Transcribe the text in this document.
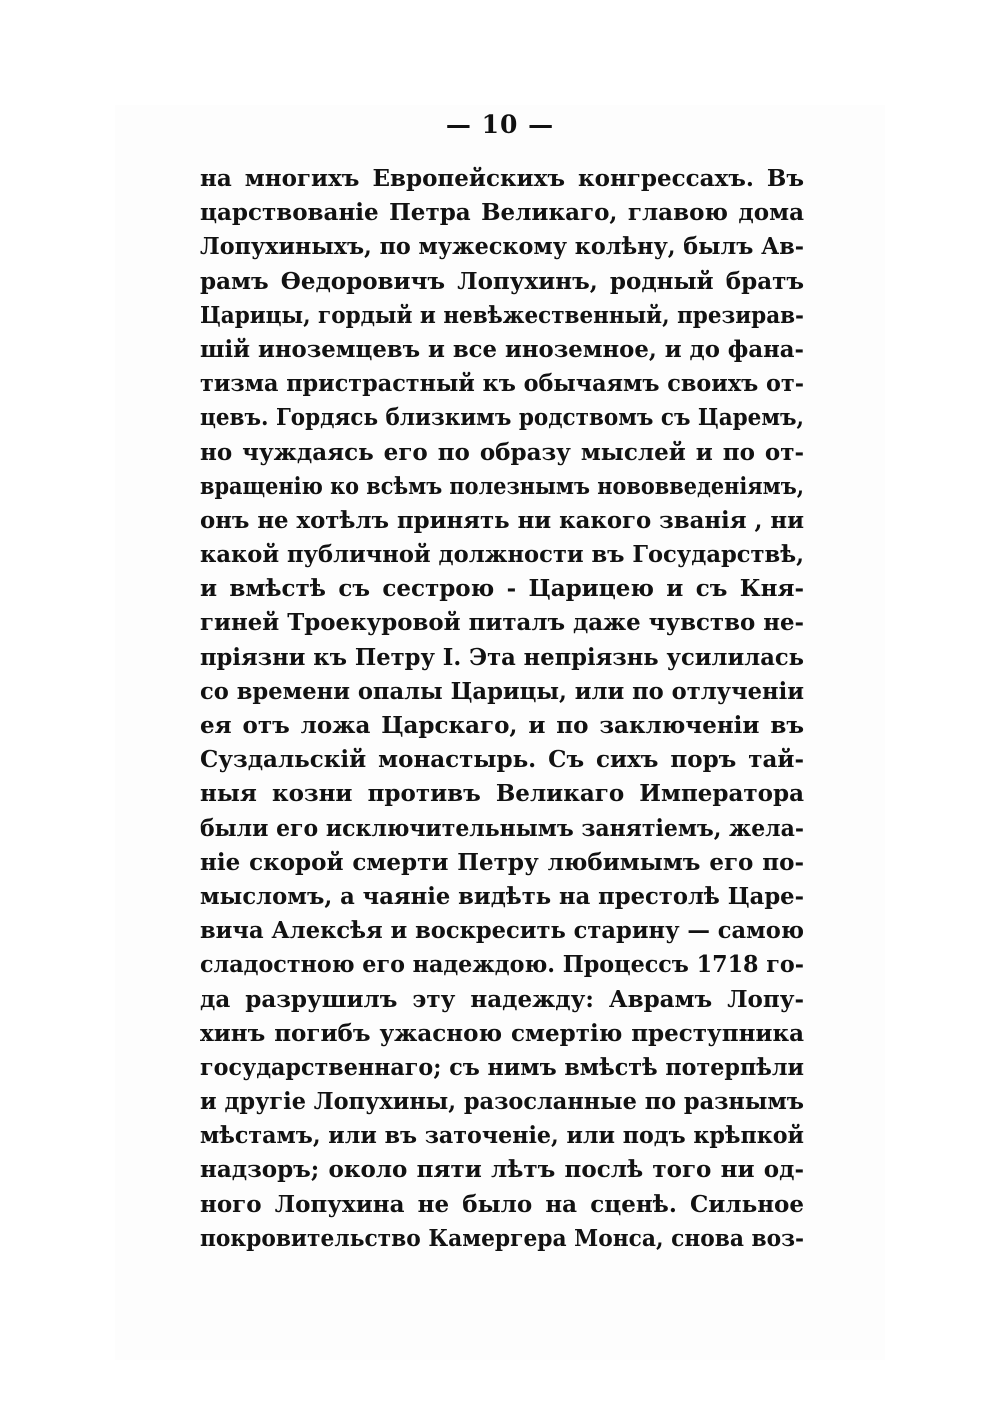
— 10 —
на многихъ Европейскихъ конгрессахъ. Въ
царствованіе Петра Великаго, главою дома
Лопухиныхъ, по мужескому колѣну, былъ Ав-
рамъ Ѳедоровичъ Лопухинъ, родный братъ
Царицы, гордый и невѣжественный, презирав-
шій иноземцевъ и все иноземное, и до фана-
тизма пристрастный къ обычаямъ своихъ от-
цевъ. Гордясь близкимъ родствомъ съ Царемъ,
но чуждаясь его по образу мыслей и по от-
вращенію ко всѣмъ полезнымъ нововведеніямъ,
онъ не хотѣлъ принять ни какого званія , ни
какой публичной должности въ Государствѣ,
и вмѣстѣ съ сестрою - Царицею и съ Кня-
гиней Троекуровой питалъ даже чувство не-
пріязни къ Петру I. Эта непріязнь усилилась
со времени опалы Царицы, или по отлученіи
ея отъ ложа Царскаго, и по заключеніи въ
Суздальскій монастырь. Съ сихъ поръ тай-
ныя козни противъ Великаго Императора
были его исключительнымъ занятіемъ, жела-
ніе скорой смерти Петру любимымъ его по-
мысломъ, а чаяніе видѣть на престолѣ Царе-
вича Алексѣя и воскресить старину — самою
сладостною его надеждою. Процессъ 1718 го-
да разрушилъ эту надежду: Аврамъ Лопу-
хинъ погибъ ужасною смертію преступника
государственнаго; съ нимъ вмѣстѣ потерпѣли
и другіе Лопухины, разосланные по разнымъ
мѣстамъ, или въ заточеніе, или подъ крѣпкой
надзоръ; около пяти лѣтъ послѣ того ни од-
ного Лопухина не было на сценѣ. Сильное
покровительство Камергера Монса, снова воз-
